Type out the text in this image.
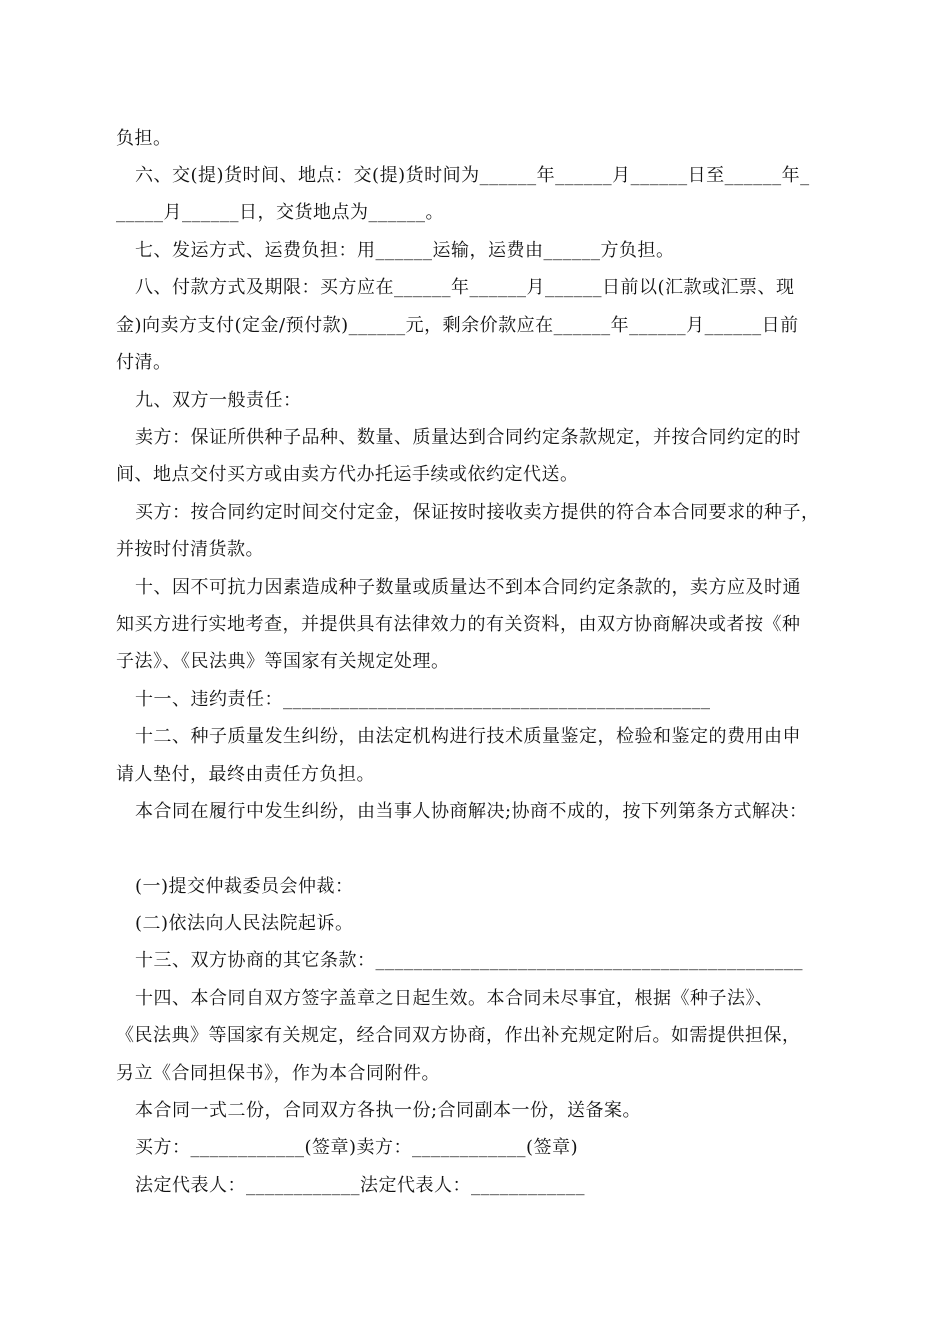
负担。
六、交(提)货时间、地点：交(提)货时间为______年______月______日至______年_
_____月______日，交货地点为______。
七、发运方式、运费负担：用______运输，运费由______方负担。
八、付款方式及期限：买方应在______年______月______日前以(汇款或汇票、现
金)向卖方支付(定金/预付款)______元，剩余价款应在______年______月______日前
付清。
九、双方一般责任：
卖方：保证所供种子品种、数量、质量达到合同约定条款规定，并按合同约定的时
间、地点交付买方或由卖方代办托运手续或依约定代送。
买方：按合同约定时间交付定金，保证按时接收卖方提供的符合本合同要求的种子，
并按时付清货款。
十、因不可抗力因素造成种子数量或质量达不到本合同约定条款的，卖方应及时通
知买方进行实地考查，并提供具有法律效力的有关资料，由双方协商解决或者按《种
子法》、《民法典》等国家有关规定处理。
十一、违约责任：_____________________________________________
十二、种子质量发生纠纷，由法定机构进行技术质量鉴定，检验和鉴定的费用由申
请人垫付，最终由责任方负担。
本合同在履行中发生纠纷，由当事人协商解决;协商不成的，按下列第条方式解决：
(一)提交仲裁委员会仲裁：
(二)依法向人民法院起诉。
十三、双方协商的其它条款：_____________________________________________
十四、本合同自双方签字盖章之日起生效。本合同未尽事宜，根据《种子法》、
《民法典》等国家有关规定，经合同双方协商，作出补充规定附后。如需提供担保，
另立《合同担保书》，作为本合同附件。
本合同一式二份，合同双方各执一份;合同副本一份，送备案。
买方：____________(签章)卖方：____________(签章)
法定代表人：____________法定代表人：____________
